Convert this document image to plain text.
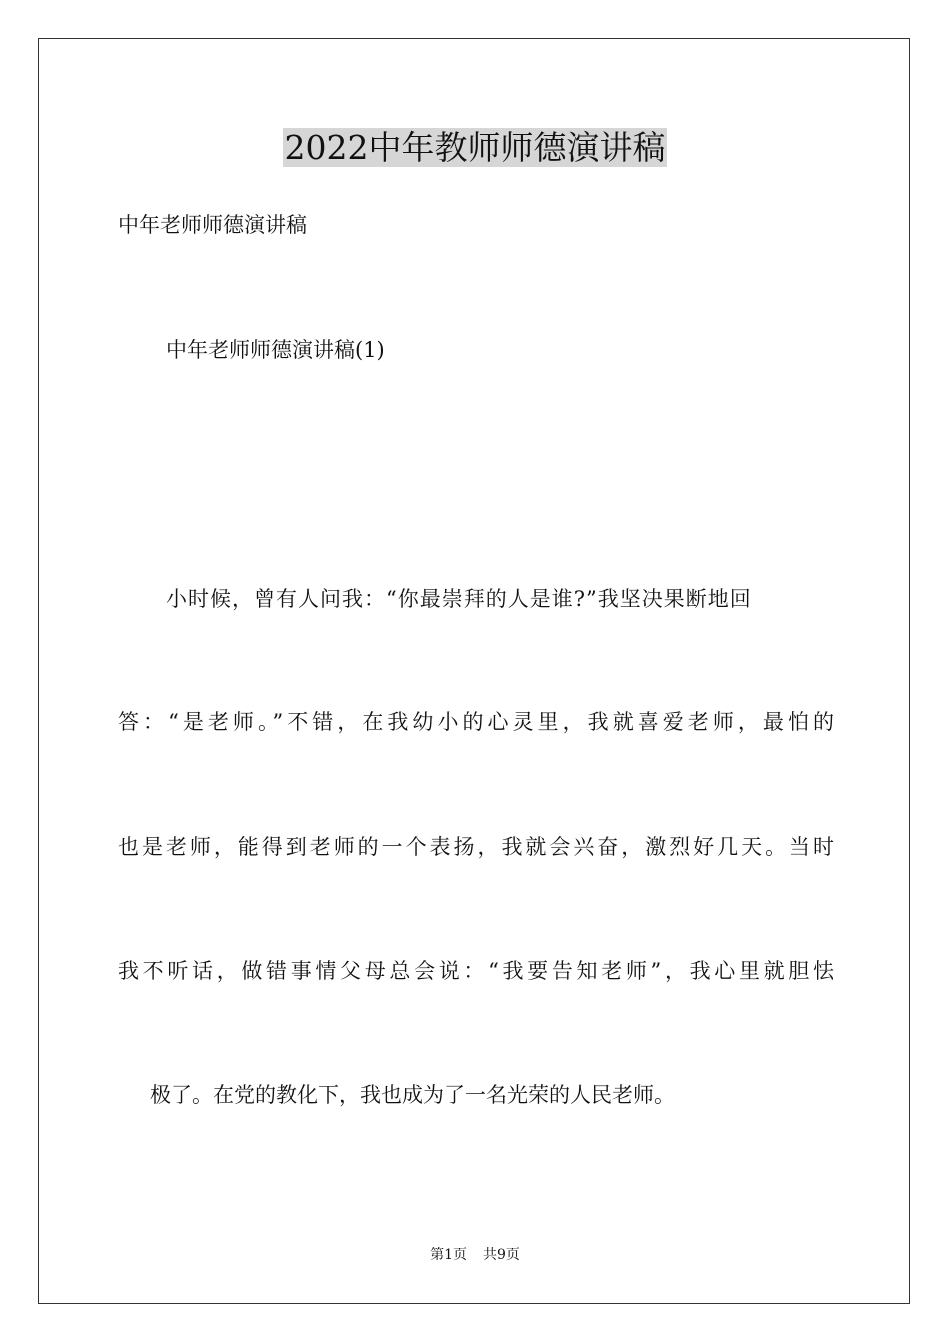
2022中年教师师德演讲稿
中年老师师德演讲稿
中年老师师德演讲稿(1)
小时候，曾有人问我：“你最崇拜的人是谁?”我坚决果断地回
答：“是老师。”不错，在我幼小的心灵里，我就喜爱老师，最怕的
也是老师，能得到老师的一个表扬，我就会兴奋，激烈好几天。当时
我不听话，做错事情父母总会说：“我要告知老师”，我心里就胆怯
极了。在党的教化下，我也成为了一名光荣的人民老师。
第1页 共9页
